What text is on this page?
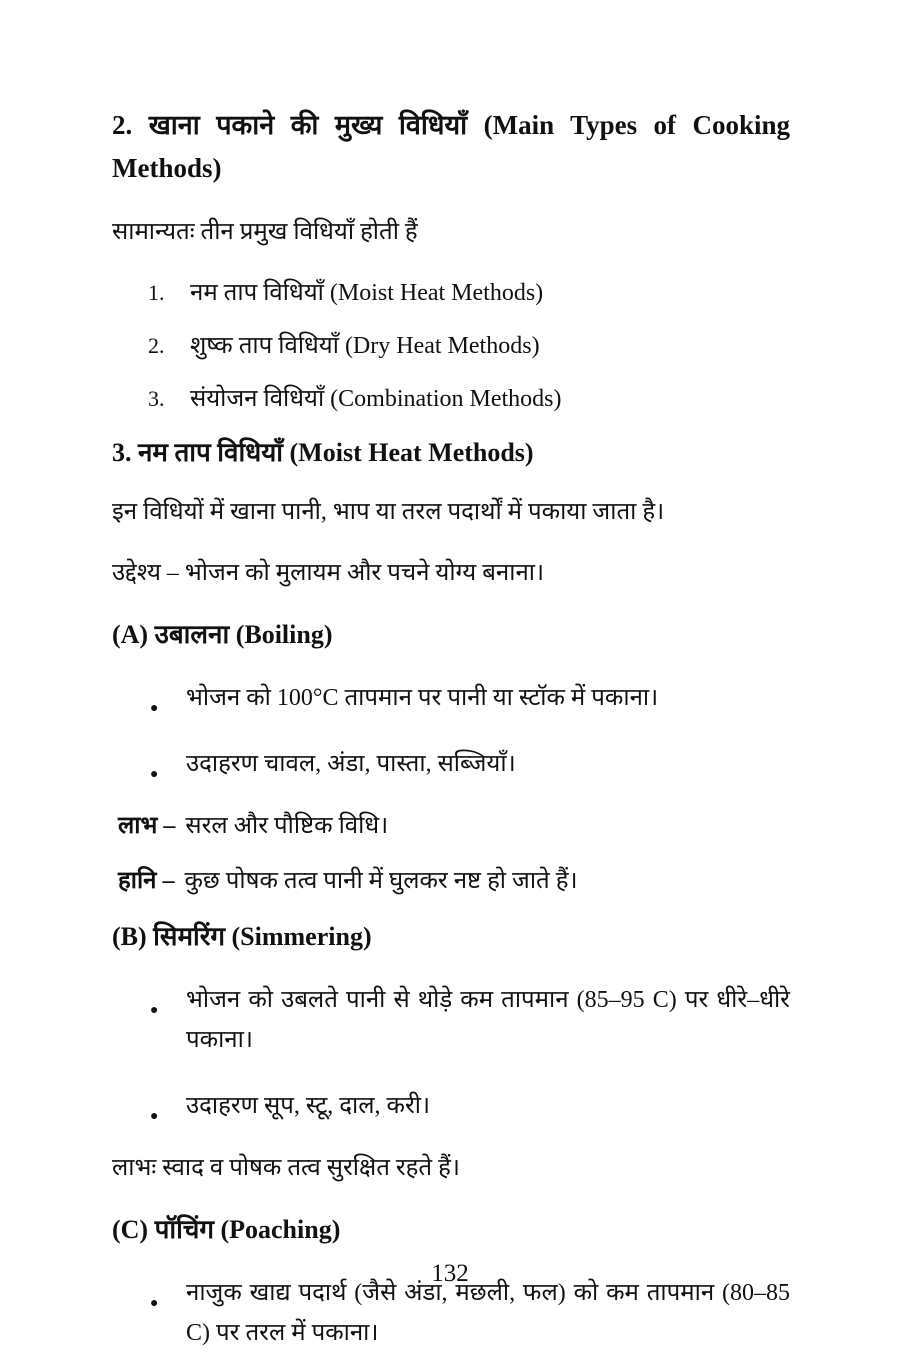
2. खाना पकाने की मुख्य विधियाँ (Main Types of Cooking Methods)
सामान्यतः तीन प्रमुख विधियाँ होती हैं
1.	नम ताप विधियाँ (Moist Heat Methods)
2.	शुष्क ताप विधियाँ (Dry Heat Methods)
3.	संयोजन विधियाँ (Combination Methods)
3. नम ताप विधियाँ (Moist Heat Methods)
इन विधियों में खाना पानी, भाप या तरल पदार्थों में पकाया जाता है।
उद्देश्य – भोजन को मुलायम और पचने योग्य बनाना।
(A) उबालना (Boiling)
●
भोजन को 100°C तापमान पर पानी या स्टॉक में पकाना।
●
उदाहरण चावल, अंडा, पास्ता, सब्जियाँ।
लाभ – सरल और पौष्टिक विधि।
हानि – कुछ पोषक तत्व पानी में घुलकर नष्ट हो जाते हैं।
(B) सिमरिंग (Simmering)
●
भोजन को उबलते पानी से थोड़े कम तापमान (85–95 C) पर धीरे–धीरे पकाना।
●
उदाहरण सूप, स्टू, दाल, करी।
लाभः स्वाद व पोषक तत्व सुरक्षित रहते हैं।
(C) पॉचिंग (Poaching)
●
नाजुक खाद्य पदार्थ (जैसे अंडा, मछली, फल) को कम तापमान (80–85 C) पर तरल में पकाना।
132
